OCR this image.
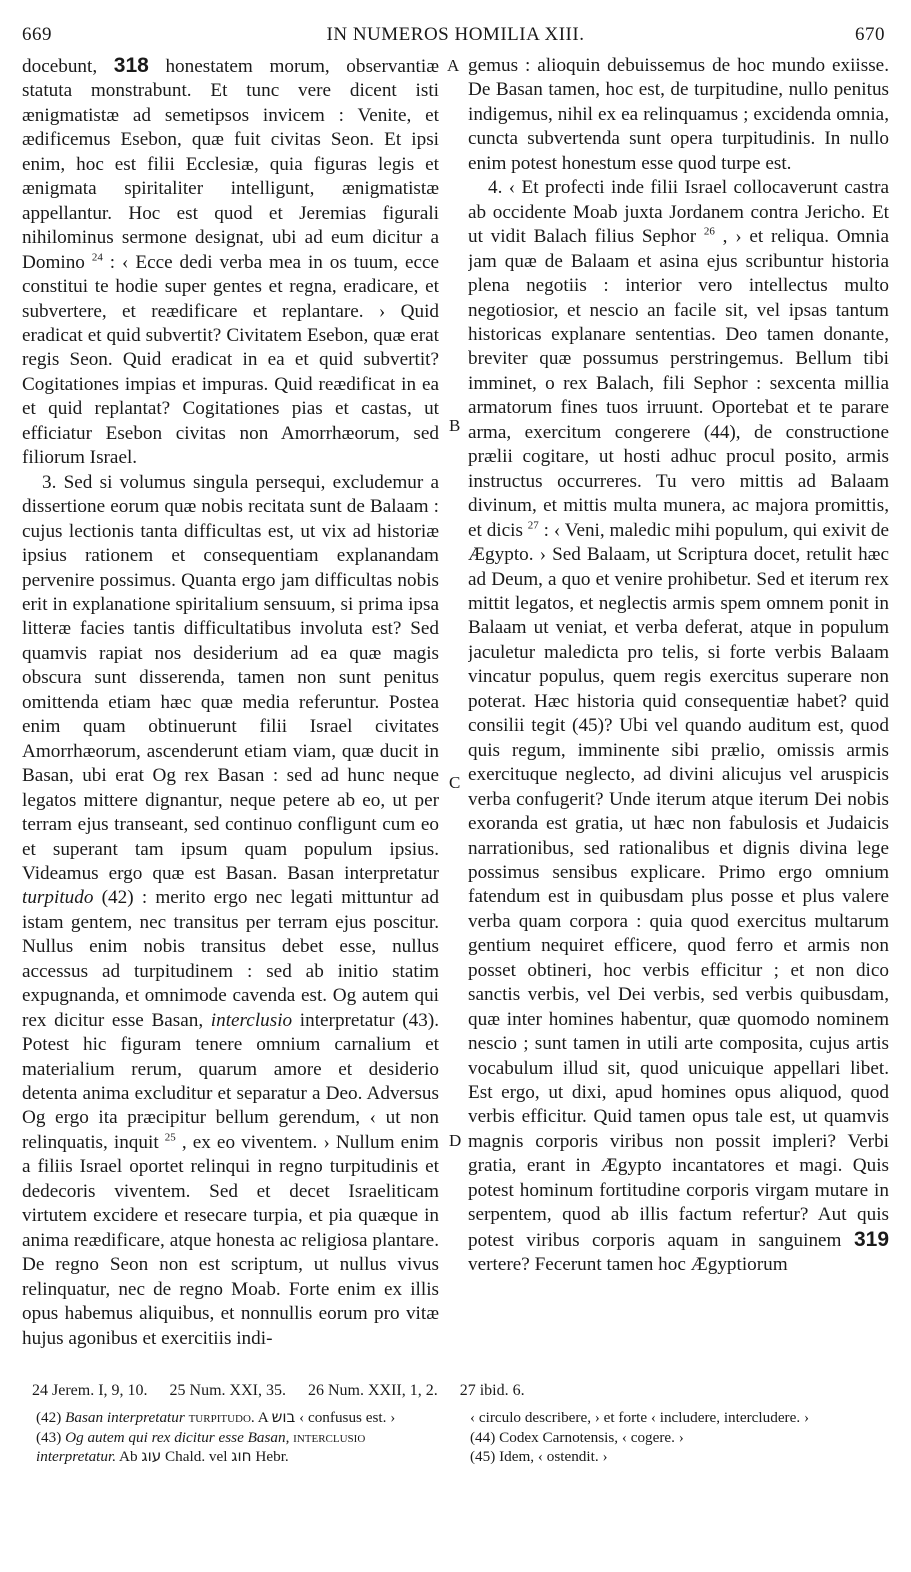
669	IN NUMEROS HOMILIA XIII.	670

docebunt, 318 honestatem morum, observantiæ statuta monstrabunt. Et tunc vere dicent isti ænigmatistæ ad semetipsos invicem : Venite, et ædificemus Esebon, quæ fuit civitas Seon. Et ipsi enim, hoc est filii Ecclesiæ, quia figuras legis et ænigmata spiritaliter intelligunt, ænigmatistæ appellantur. Hoc est quod et Jeremias figurali nihilominus sermone designat, ubi ad eum dicitur a Domino $^{24}$ : ‹ Ecce dedi verba mea in os tuum, ecce constitui te hodie super gentes et regna, eradicare, et subvertere, et reædificare et replantare. › Quid eradicat et quid subvertit? Civitatem Esebon, quæ erat regis Seon. Quid eradicat in ea et quid subvertit? Cogitationes impias et impuras. Quid reædificat in ea et quid replantat? Cogitationes pias et castas, ut efficiatur Esebon civitas non Amorrhæorum, sed filiorum Israel.

3. Sed si volumus singula persequi, excludemur a dissertione eorum quæ nobis recitata sunt de Balaam : cujus lectionis tanta difficultas est, ut vix ad historiæ ipsius rationem et consequentiam explanandam pervenire possimus. Quanta ergo jam difficultas nobis erit in explanatione spiritalium sensuum, si prima ipsa litteræ facies tantis difficultatibus involuta est? Sed quamvis rapiat nos desiderium ad ea quæ magis obscura sunt disserenda, tamen non sunt penitus omittenda etiam hæc quæ media referuntur. Postea enim quam obtinuerunt filii Israel civitates Amorrhæorum, ascenderunt etiam viam, quæ ducit in Basan, ubi erat Og rex Basan : sed ad hunc neque legatos mittere dignantur, neque petere ab eo, ut per terram ejus transeant, sed continuo confligunt cum eo et superant tam ipsum quam populum ipsius. Videamus ergo quæ est Basan. Basan interpretatur turpitudo (42) : merito ergo nec legati mittuntur ad istam gentem, nec transitus per terram ejus poscitur. Nullus enim nobis transitus debet esse, nullus accessus ad turpitudinem : sed ab initio statim expugnanda, et omnimode cavenda est. Og autem qui rex dicitur esse Basan, interclusio interpretatur (43). Potest hic figuram tenere omnium carnalium et materialium rerum, quarum amore et desiderio detenta anima excluditur et separatur a Deo. Adversus Og ergo ita præcipitur bellum gerendum, ‹ ut non relinquatis, inquit $^{25}$ , ex eo viventem. › Nullum enim a filiis Israel oportet relinqui in regno turpitudinis et dedecoris viventem. Sed et decet Israeliticam virtutem excidere et resecare turpia, et pia quæque in anima reædificare, atque honesta ac religiosa plantare. De regno Seon non est scriptum, ut nullus vivus relinquatur, nec de regno Moab. Forte enim ex illis opus habemus aliquibus, et nonnullis eorum pro vitæ hujus agonibus et exercitiis indi-

A
B
C
D

gemus : alioquin debuissemus de hoc mundo exiisse. De Basan tamen, hoc est, de turpitudine, nullo penitus indigemus, nihil ex ea relinquamus ; excidenda omnia, cuncta subvertenda sunt opera turpitudinis. In nullo enim potest honestum esse quod turpe est.

4. ‹ Et profecti inde filii Israel collocaverunt castra ab occidente Moab juxta Jordanem contra Jericho. Et ut vidit Balach filius Sephor $^{26}$ , › et reliqua. Omnia jam quæ de Balaam et asina ejus scribuntur historia plena negotiis : interior vero intellectus multo negotiosior, et nescio an facile sit, vel ipsas tantum historicas explanare sententias. Deo tamen donante, breviter quæ possumus perstringemus. Bellum tibi imminet, o rex Balach, fili Sephor : sexcenta millia armatorum fines tuos irruunt. Oportebat et te parare arma, exercitum congerere (44), de constructione prælii cogitare, ut hosti adhuc procul posito, armis instructus occurreres. Tu vero mittis ad Balaam divinum, et mittis multa munera, ac majora promittis, et dicis $^{27}$ : ‹ Veni, maledic mihi populum, qui exivit de Ægypto. › Sed Balaam, ut Scriptura docet, retulit hæc ad Deum, a quo et venire prohibetur. Sed et iterum rex mittit legatos, et neglectis armis spem omnem ponit in Balaam ut veniat, et verba deferat, atque in populum jaculetur maledicta pro telis, si forte verbis Balaam vincatur populus, quem regis exercitus superare non poterat. Hæc historia quid consequentiæ habet? quid consilii tegit (45)? Ubi vel quando auditum est, quod quis regum, imminente sibi prælio, omissis armis exercituque neglecto, ad divini alicujus vel aruspicis verba confugerit? Unde iterum atque iterum Dei nobis exoranda est gratia, ut hæc non fabulosis et Judaicis narrationibus, sed rationalibus et dignis divina lege possimus sensibus explicare. Primo ergo omnium fatendum est in quibusdam plus posse et plus valere verba quam corpora : quia quod exercitus multarum gentium nequiret efficere, quod ferro et armis non posset obtineri, hoc verbis efficitur ; et non dico sanctis verbis, vel Dei verbis, sed verbis quibusdam, quæ inter homines habentur, quæ quomodo nominem nescio ; sunt tamen in utili arte composita, cujus artis vocabulum illud sit, quod unicuique appellari libet. Est ergo, ut dixi, apud homines opus aliquod, quod verbis efficitur. Quid tamen opus tale est, ut quamvis magnis corporis viribus non possit impleri? Verbi gratia, erant in Ægypto incantatores et magi. Quis potest hominum fortitudine corporis virgam mutare in serpentem, quod ab illis factum refertur? Aut quis potest viribus corporis aquam in sanguinem 319 vertere? Fecerunt tamen hoc Ægyptiorum

24 Jerem. I, 9, 10. 25 Num. XXI, 35. 26 Num. XXII, 1, 2. 27 ibid. 6.
(42) Basan interpretatur turpitudo. A בוש ‹ confusus est. ›
(43) Og autem qui rex dicitur esse Basan, interclusio interpretatur. Ab עוג Chald. vel חוג Hebr.
‹ circulo describere, › et forte ‹ includere, intercludere. ›
(44) Codex Carnotensis, ‹ cogere. ›
(45) Idem, ‹ ostendit. ›
